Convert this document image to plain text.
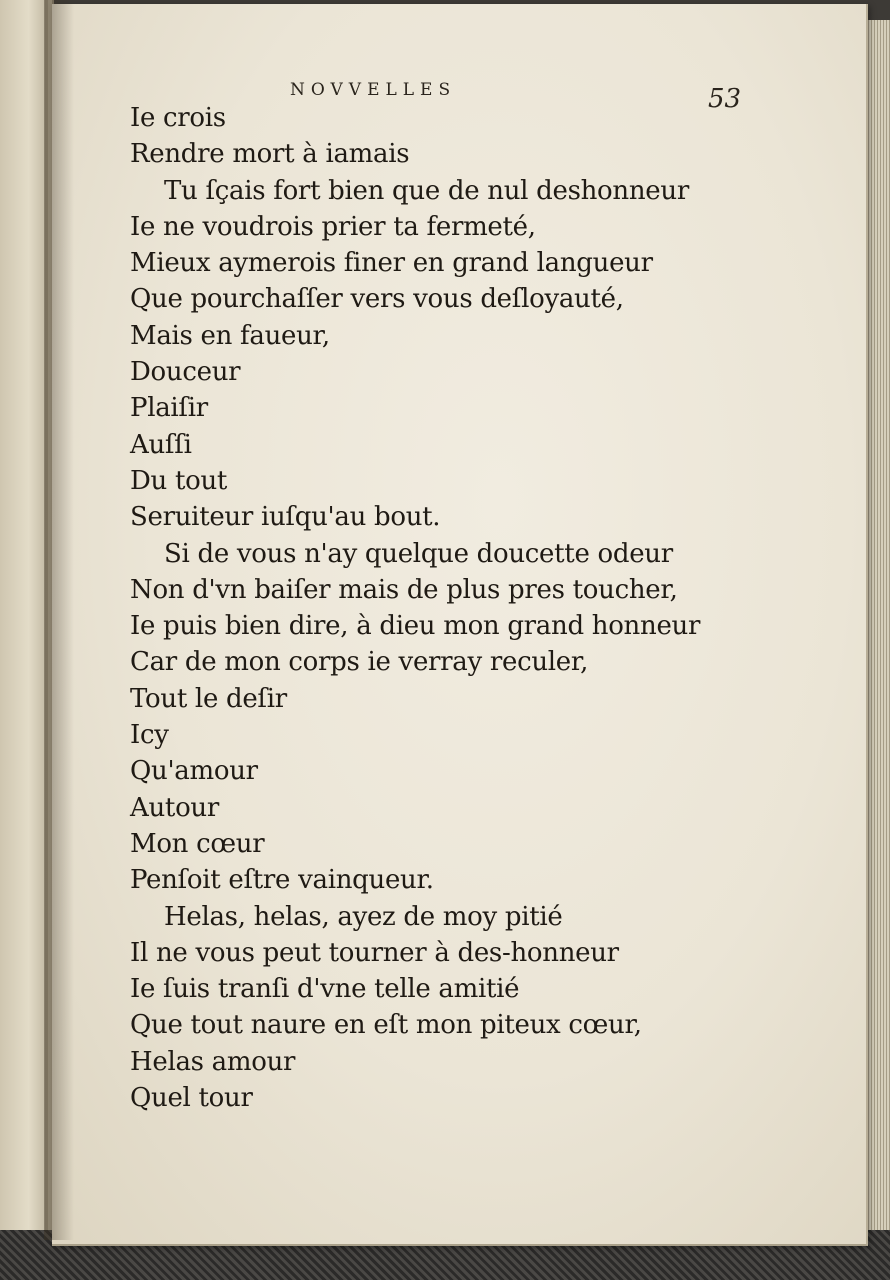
NOVVELLES	53
Ie crois
Rendre mort à iamais
Tu ſçais fort bien que de nul deshonneur
Ie ne voudrois prier ta fermeté,
Mieux aymerois finer en grand langueur
Que pourchaſſer vers vous deſloyauté,
Mais en faueur,
Douceur
Plaiſir
Auſſi
Du tout
Seruiteur iuſqu'au bout.
Si de vous n'ay quelque doucette odeur
Non d'vn baiſer mais de plus pres toucher,
Ie puis bien dire, à dieu mon grand honneur
Car de mon corps ie verray reculer,
Tout le deſir
Icy
Qu'amour
Autour
Mon cœur
Penſoit eſtre vainqueur.
Helas, helas, ayez de moy pitié
Il ne vous peut tourner à des-honneur
Ie ſuis tranſi d'vne telle amitié
Que tout naure en eſt mon piteux cœur,
Helas amour
Quel tour
